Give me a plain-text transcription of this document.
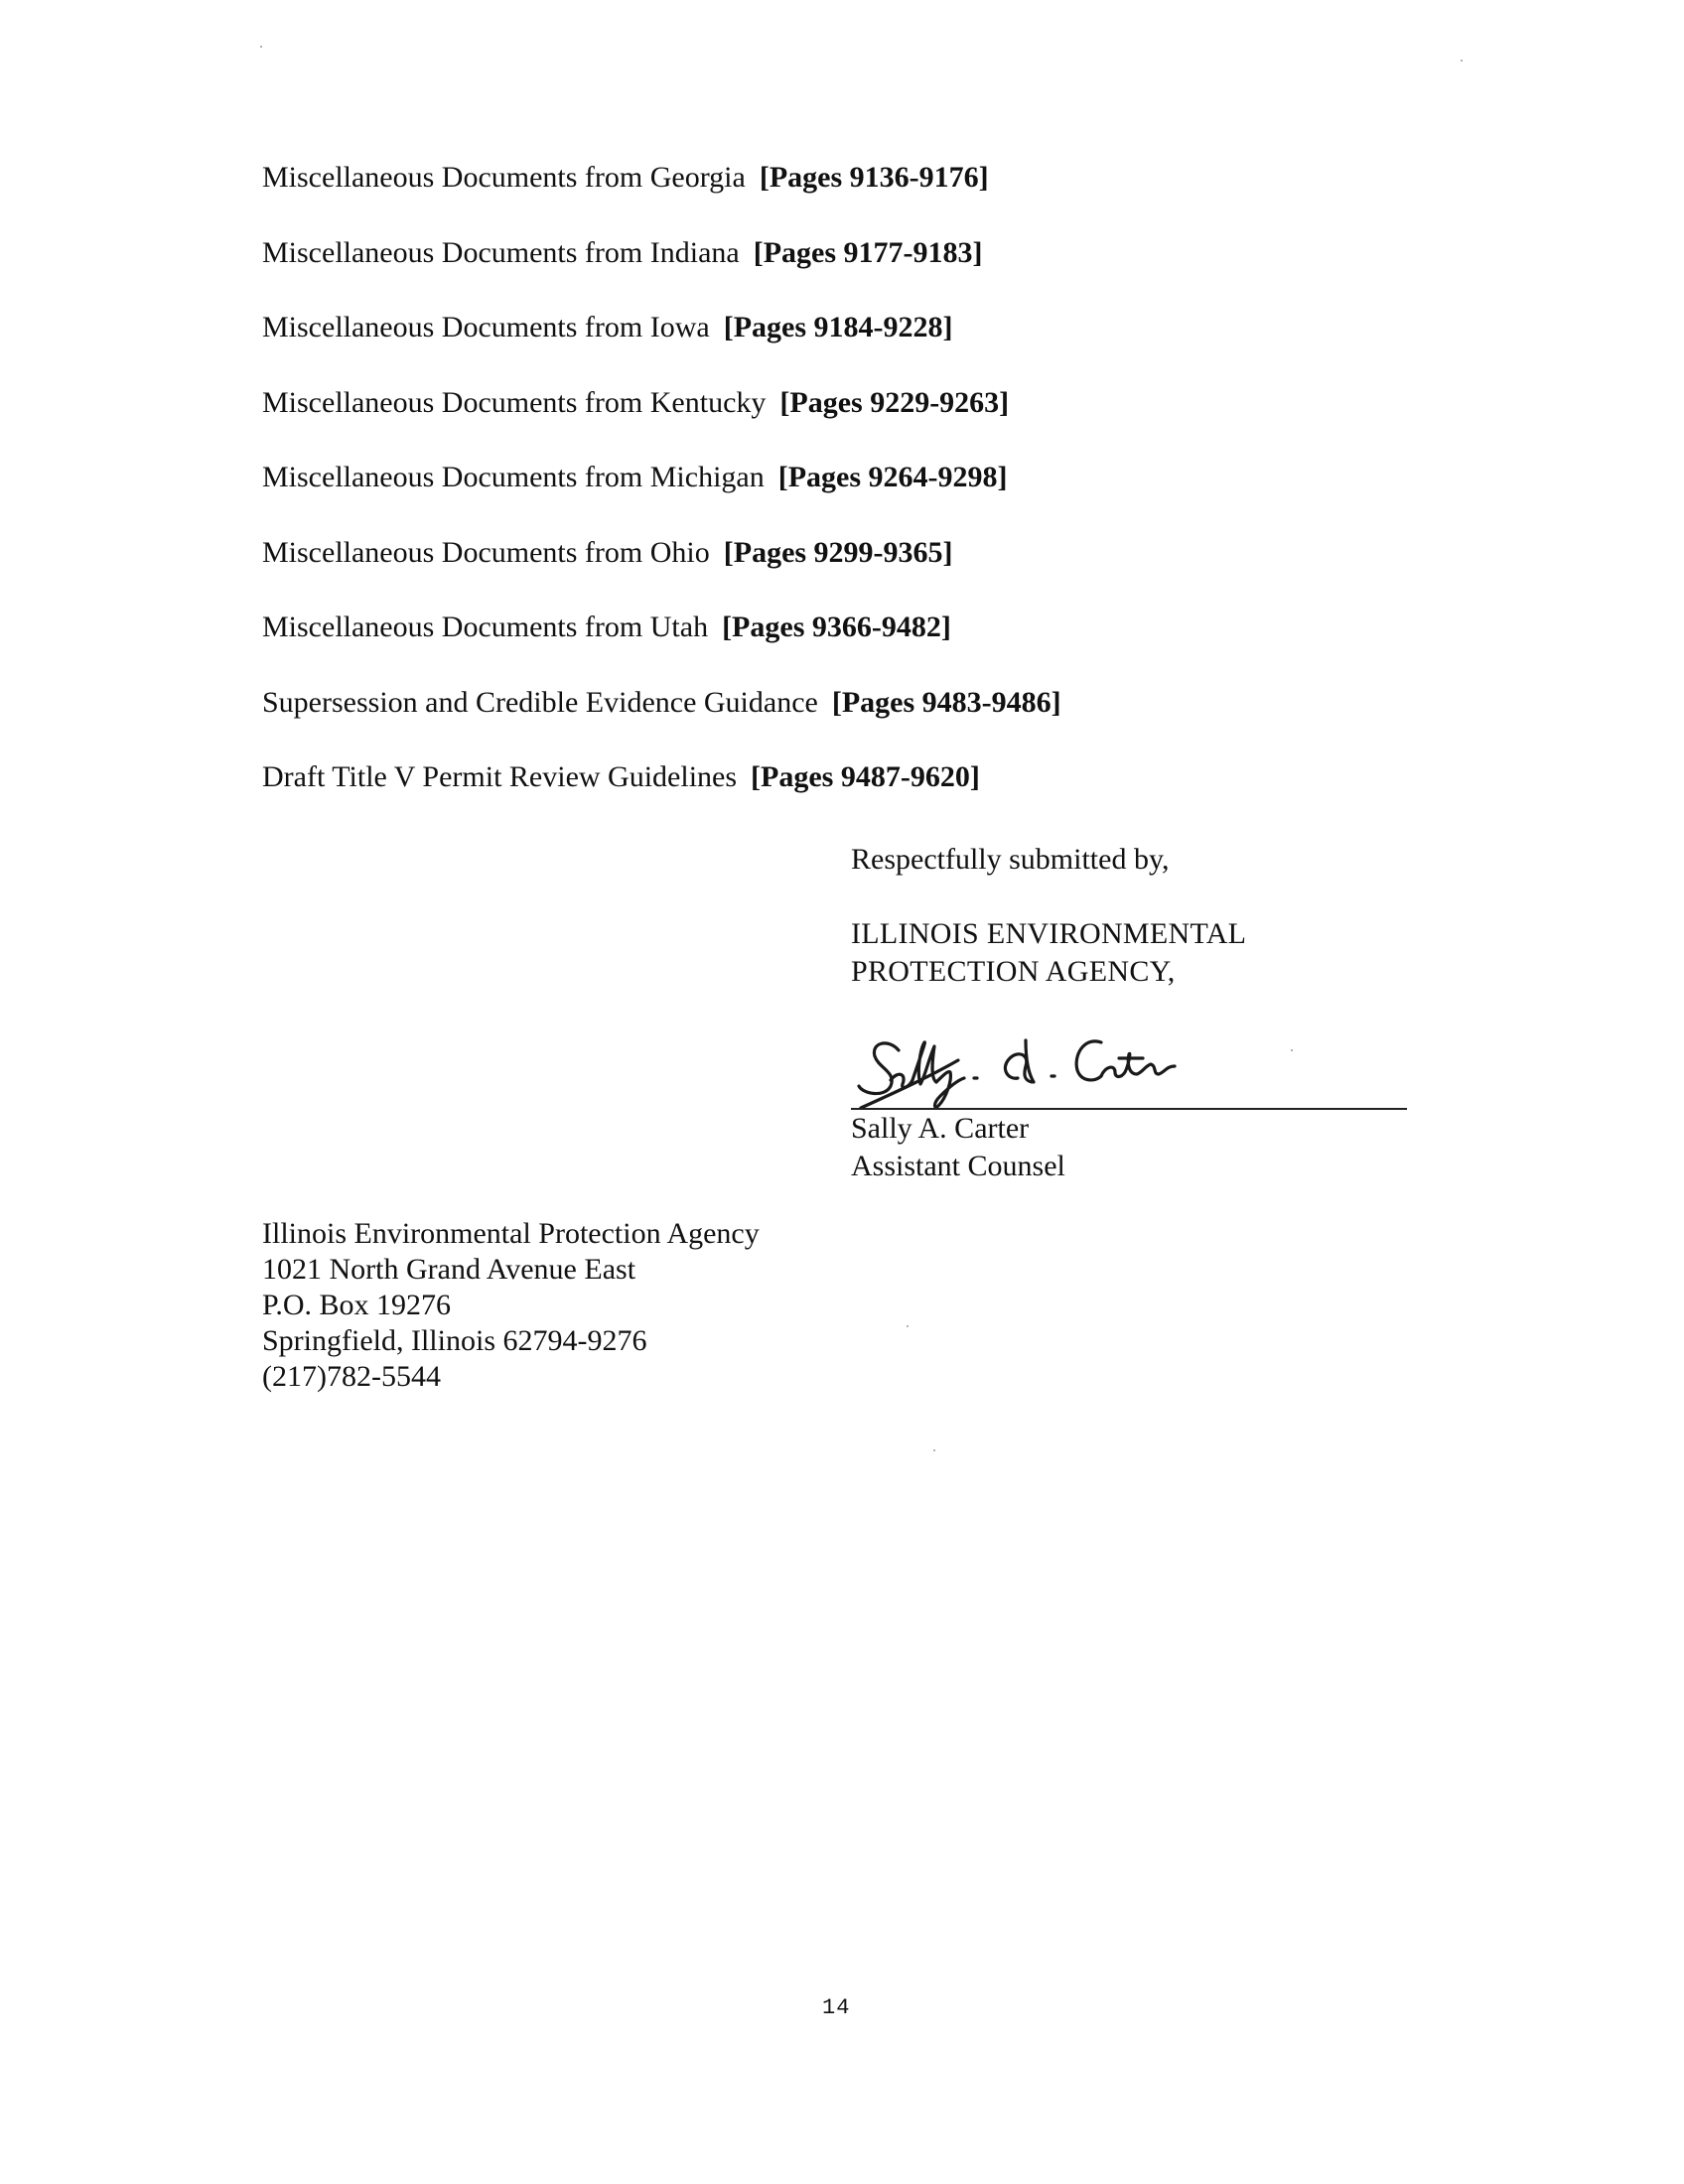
Miscellaneous Documents from Georgia [Pages 9136-9176]
Miscellaneous Documents from Indiana [Pages 9177-9183]
Miscellaneous Documents from Iowa [Pages 9184-9228]
Miscellaneous Documents from Kentucky [Pages 9229-9263]
Miscellaneous Documents from Michigan [Pages 9264-9298]
Miscellaneous Documents from Ohio [Pages 9299-9365]
Miscellaneous Documents from Utah [Pages 9366-9482]
Supersession and Credible Evidence Guidance [Pages 9483-9486]
Draft Title V Permit Review Guidelines [Pages 9487-9620]
Respectfully submitted by,
ILLINOIS ENVIRONMENTAL
PROTECTION AGENCY,
Sally A. Carter
Assistant Counsel
Illinois Environmental Protection Agency
1021 North Grand Avenue East
P.O. Box 19276
Springfield, Illinois 62794-9276
(217)782-5544
14
